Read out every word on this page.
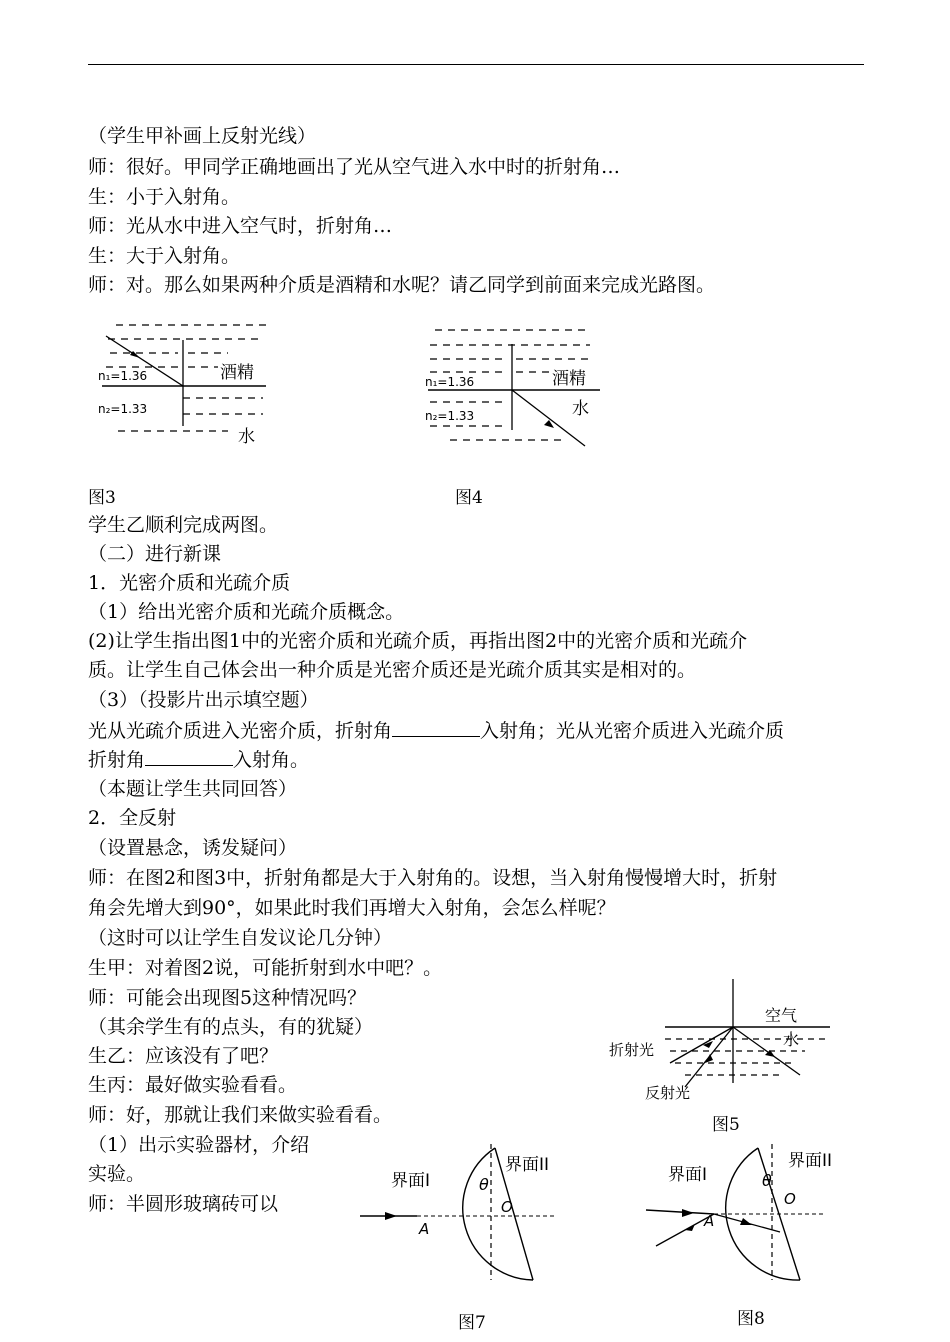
（学生甲补画上反射光线）
师：很好。甲同学正确地画出了光从空气进入水中时的折射角…
生：小于入射角。
师：光从水中进入空气时，折射角…
生：大于入射角。
师：对。那么如果两种介质是酒精和水呢？请乙同学到前面来完成光路图。
n₁=1.36
n₂=1.33
酒精
水
图3
n₁=1.36
n₂=1.33
酒精
水
图4
学生乙顺利完成两图。
（二）进行新课
1．光密介质和光疏介质
（1）给出光密介质和光疏介质概念。
(2)让学生指出图1中的光密介质和光疏介质，再指出图2中的光密介质和光疏介
质。让学生自己体会出一种介质是光密介质还是光疏介质其实是相对的。
（3）（投影片出示填空题）
光从光疏介质进入光密介质，折射角	入射角；光从光密介质进入光疏介质
折射角	入射角。
（本题让学生共同回答）
2．全反射
（设置悬念，诱发疑问）
师：在图2和图3中，折射角都是大于入射角的。设想，当入射角慢慢增大时，折射
角会先增大到90°，如果此时我们再增大入射角，会怎么样呢？
（这时可以让学生自发议论几分钟）
生甲：对着图2说，可能折射到水中吧？。
师：可能会出现图5这种情况吗？
（其余学生有的点头，有的犹疑）
生乙：应该没有了吧？
生丙：最好做实验看看。
师：好，那就让我们来做实验看看。
（1）出示实验器材，介绍
实验。
师：半圆形玻璃砖可以
空气
水
折射光
反射光
图5
界面I
界面II
θ
O
A
图7
界面I
界面II
θ
O
A
图8
